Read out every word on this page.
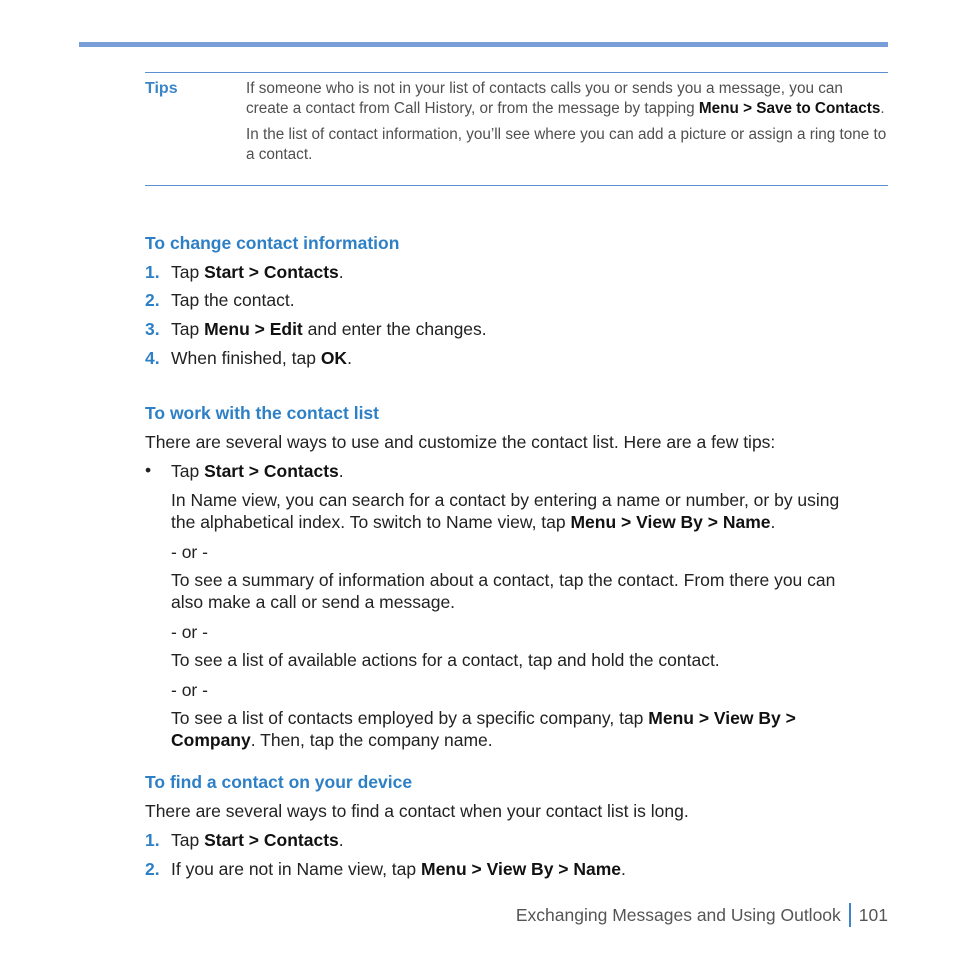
Tips	If someone who is not in your list of contacts calls you or sends you a message, you can create a contact from Call History, or from the message by tapping Menu > Save to Contacts.

In the list of contact information, you’ll see where you can add a picture or assign a ring tone to a contact.

To change contact information
1. Tap Start > Contacts.
2. Tap the contact.
3. Tap Menu > Edit and enter the changes.
4. When finished, tap OK.
To work with the contact list
There are several ways to use and customize the contact list. Here are a few tips:
• Tap Start > Contacts.
In Name view, you can search for a contact by entering a name or number, or by using
the alphabetical index. To switch to Name view, tap Menu > View By > Name.
- or -
To see a summary of information about a contact, tap the contact. From there you can
also make a call or send a message.
- or -
To see a list of available actions for a contact, tap and hold the contact.
- or -
To see a list of contacts employed by a specific company, tap Menu > View By >
Company. Then, tap the company name.
To find a contact on your device
There are several ways to find a contact when your contact list is long.
1. Tap Start > Contacts.
2. If you are not in Name view, tap Menu > View By > Name.
Exchanging Messages and Using Outlook 101
